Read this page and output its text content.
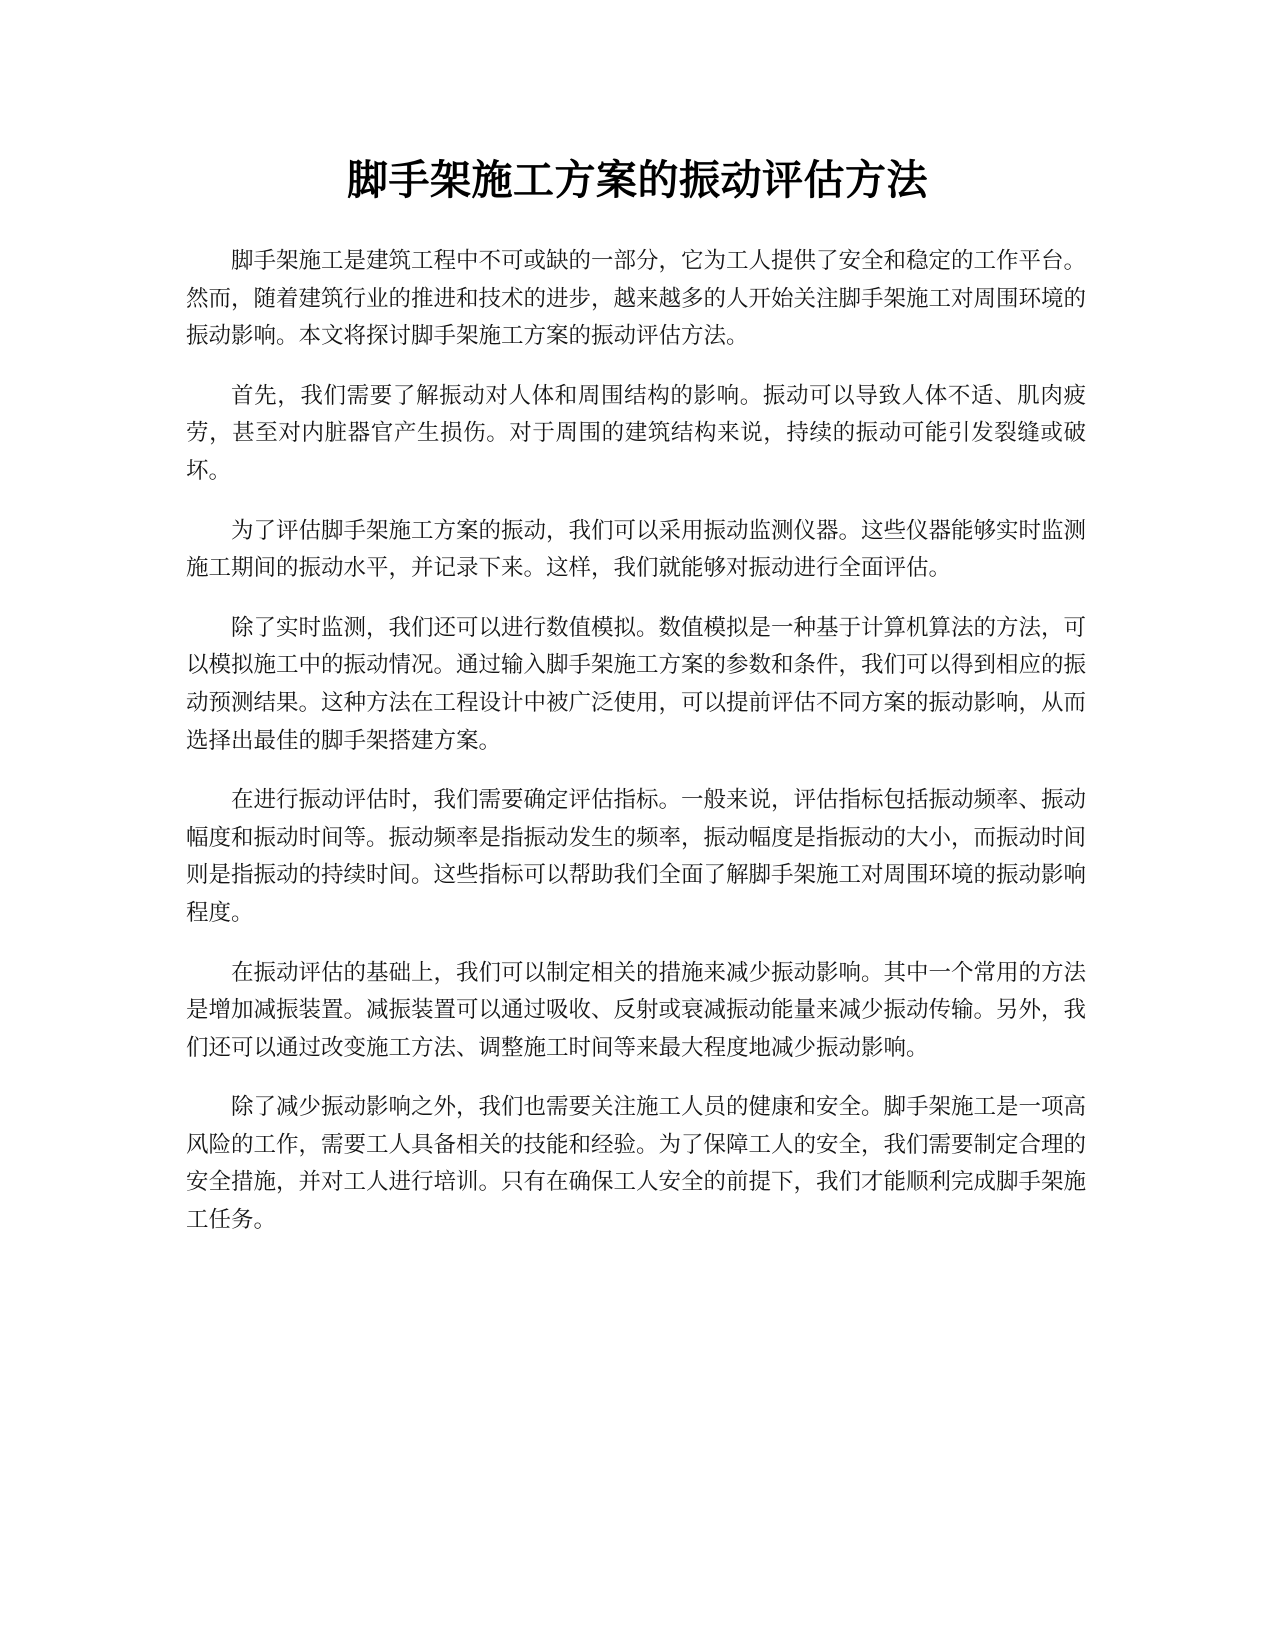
脚手架施工方案的振动评估方法

脚手架施工是建筑工程中不可或缺的一部分，它为工人提供了安全和稳定的工作平台。然而，随着建筑行业的推进和技术的进步，越来越多的人开始关注脚手架施工对周围环境的振动影响。本文将探讨脚手架施工方案的振动评估方法。

首先，我们需要了解振动对人体和周围结构的影响。振动可以导致人体不适、肌肉疲劳，甚至对内脏器官产生损伤。对于周围的建筑结构来说，持续的振动可能引发裂缝或破坏。

为了评估脚手架施工方案的振动，我们可以采用振动监测仪器。这些仪器能够实时监测施工期间的振动水平，并记录下来。这样，我们就能够对振动进行全面评估。

除了实时监测，我们还可以进行数值模拟。数值模拟是一种基于计算机算法的方法，可以模拟施工中的振动情况。通过输入脚手架施工方案的参数和条件，我们可以得到相应的振动预测结果。这种方法在工程设计中被广泛使用，可以提前评估不同方案的振动影响，从而选择出最佳的脚手架搭建方案。

在进行振动评估时，我们需要确定评估指标。一般来说，评估指标包括振动频率、振动幅度和振动时间等。振动频率是指振动发生的频率，振动幅度是指振动的大小，而振动时间则是指振动的持续时间。这些指标可以帮助我们全面了解脚手架施工对周围环境的振动影响程度。

在振动评估的基础上，我们可以制定相关的措施来减少振动影响。其中一个常用的方法是增加减振装置。减振装置可以通过吸收、反射或衰减振动能量来减少振动传输。另外，我们还可以通过改变施工方法、调整施工时间等来最大程度地减少振动影响。

除了减少振动影响之外，我们也需要关注施工人员的健康和安全。脚手架施工是一项高风险的工作，需要工人具备相关的技能和经验。为了保障工人的安全，我们需要制定合理的安全措施，并对工人进行培训。只有在确保工人安全的前提下，我们才能顺利完成脚手架施工任务。
